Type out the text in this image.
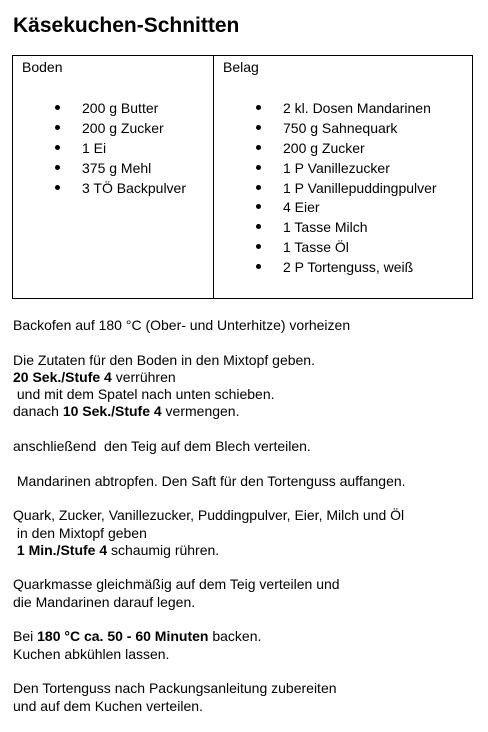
Käsekuchen-Schnitten
Boden
200 g Butter
200 g Zucker
1 Ei
375 g Mehl
3 TÖ Backpulver
Belag
2 kl. Dosen Mandarinen
750 g Sahnequark
200 g Zucker
1 P Vanillezucker
1 P Vanillepuddingpulver
4 Eier
1 Tasse Milch
1 Tasse Öl
2 P Tortenguss, weiß

Backofen auf 180 °C (Ober- und Unterhitze) vorheizen

Die Zutaten für den Boden in den Mixtopf geben.
20 Sek./Stufe 4 verrühren
und mit dem Spatel nach unten schieben.
danach 10 Sek./Stufe 4 vermengen.

anschließend  den Teig auf dem Blech verteilen.

Mandarinen abtropfen. Den Saft für den Tortenguss auffangen.

Quark, Zucker, Vanillezucker, Puddingpulver, Eier, Milch und Öl
in den Mixtopf geben
1 Min./Stufe 4 schaumig rühren.

Quarkmasse gleichmäßig auf dem Teig verteilen und
die Mandarinen darauf legen.

Bei 180 °C ca. 50 - 60 Minuten backen.
Kuchen abkühlen lassen.

Den Tortenguss nach Packungsanleitung zubereiten
und auf dem Kuchen verteilen.
